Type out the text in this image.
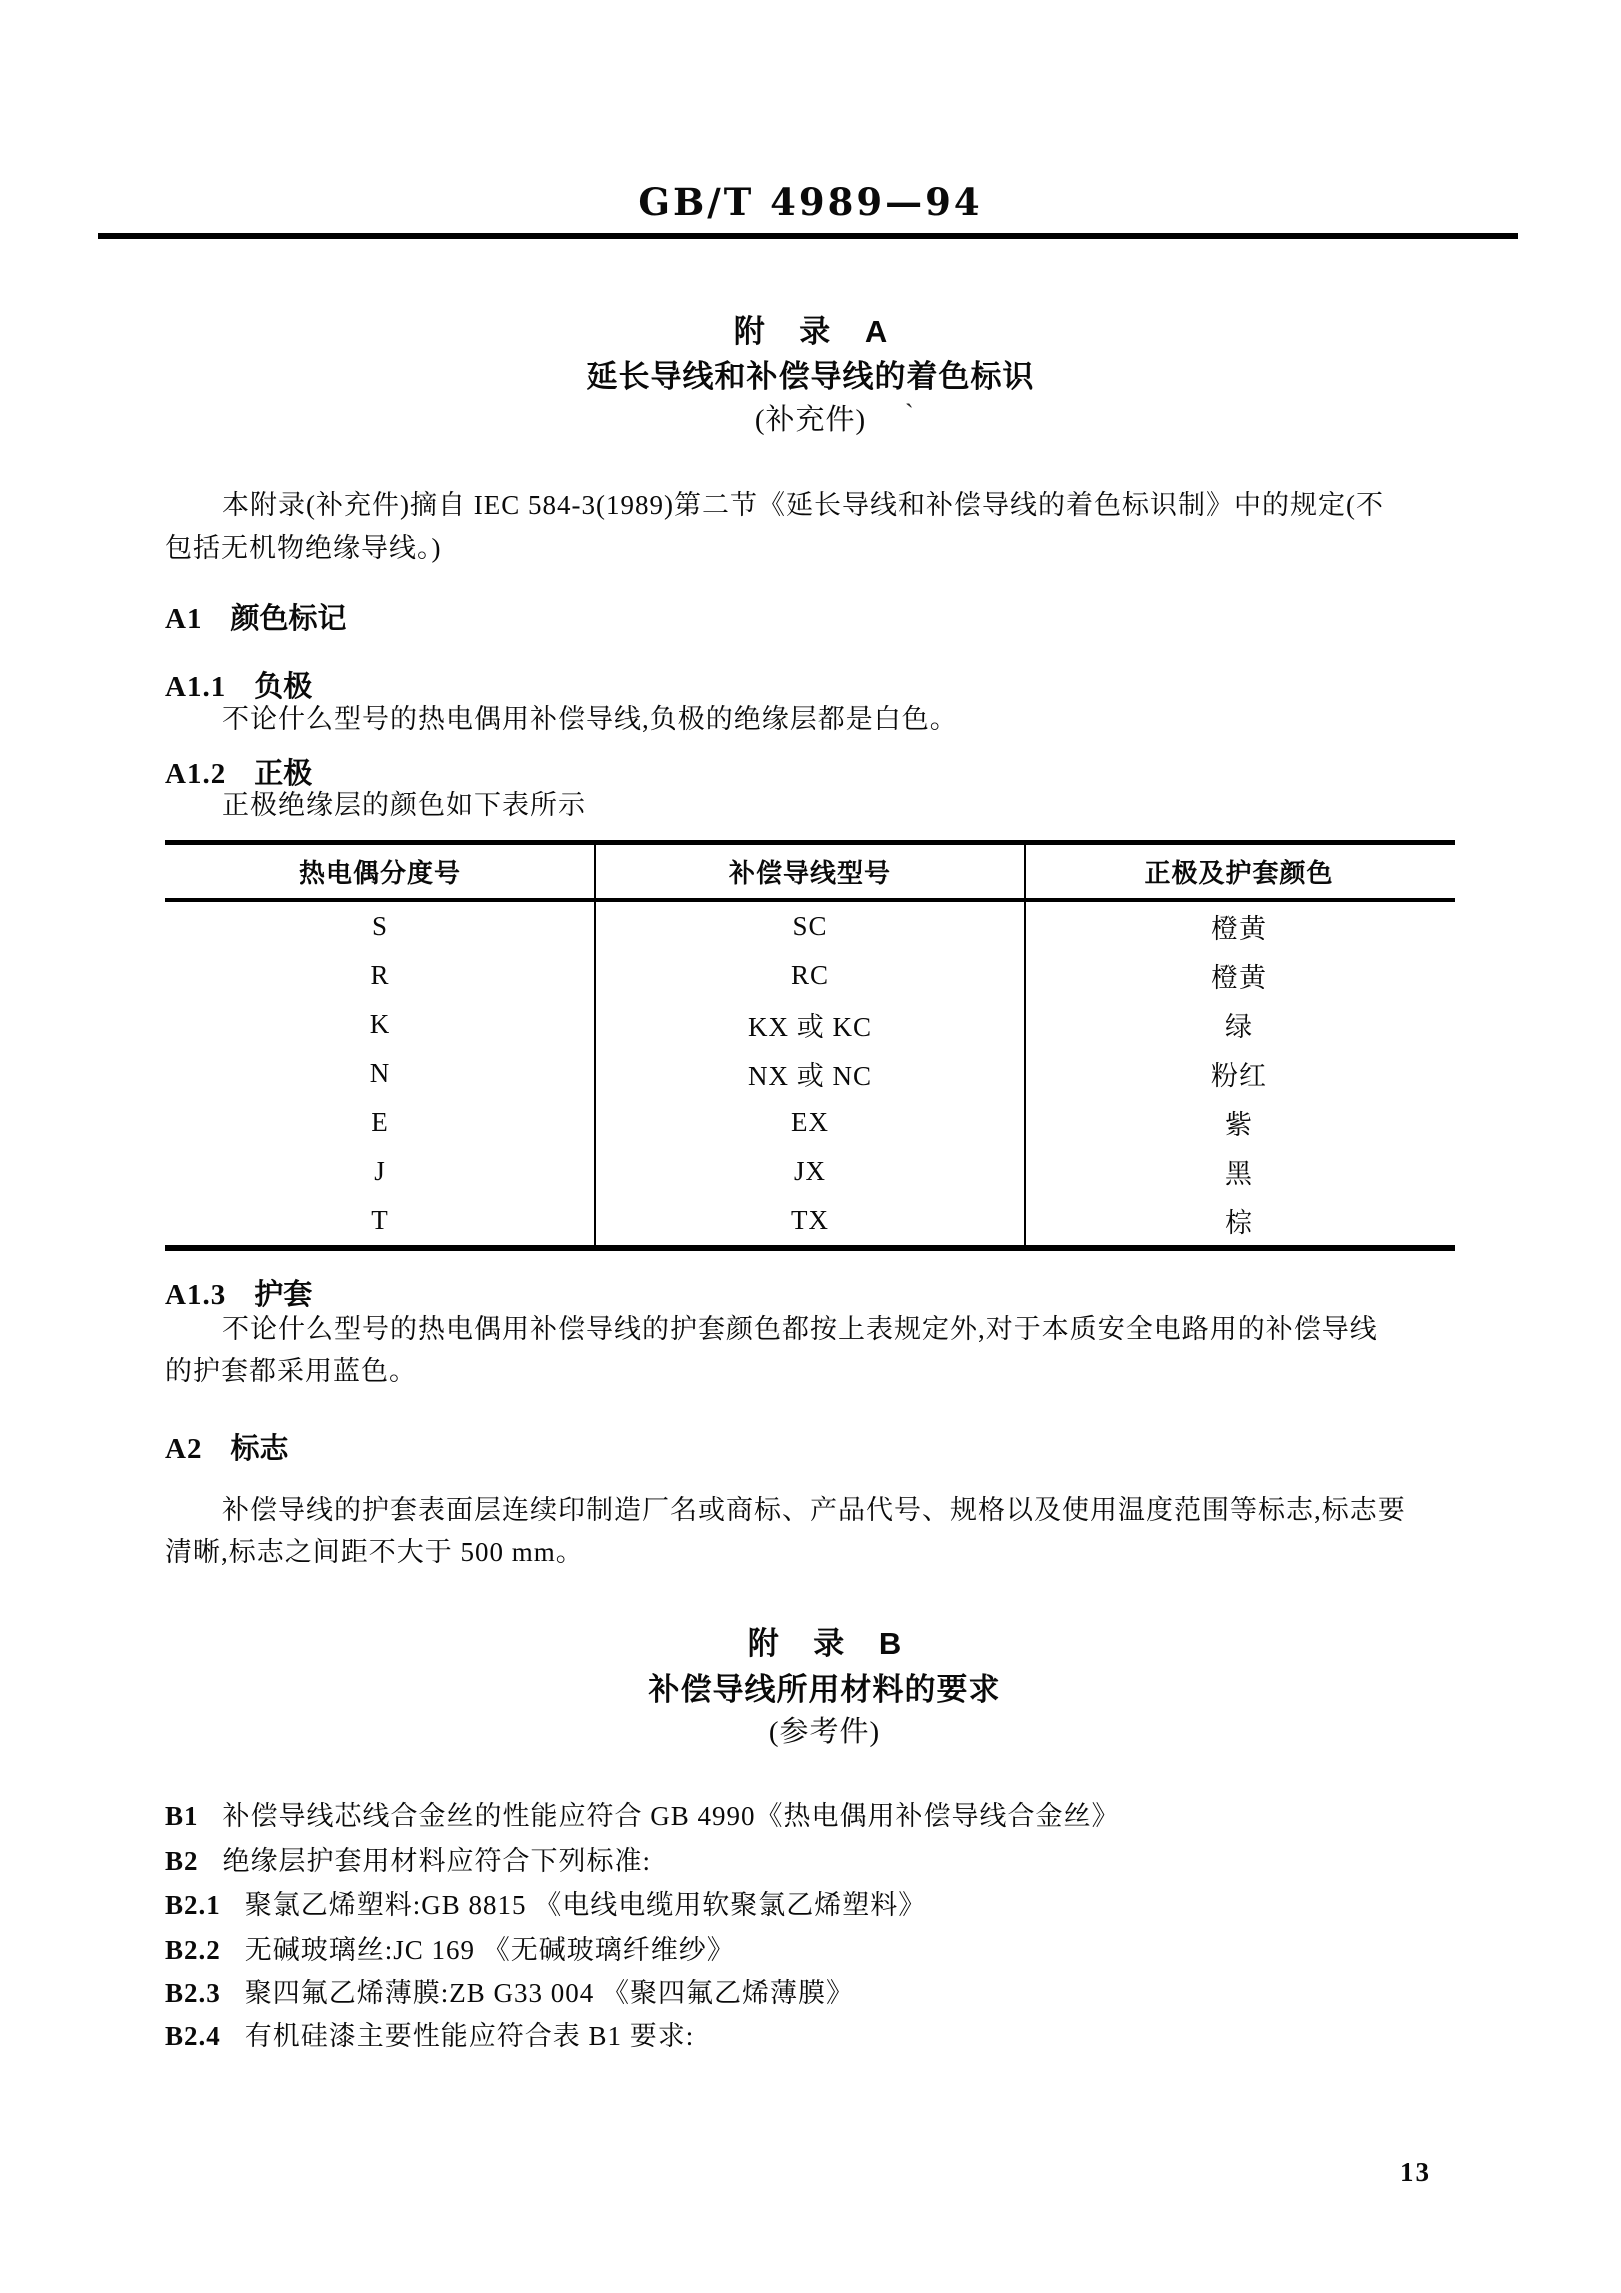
GB/T 4989—94
附 录 A
延长导线和补偿导线的着色标识
(补充件)	`
本附录(补充件)摘自 IEC 584-3(1989)第二节《延长导线和补偿导线的着色标识制》中的规定(不
包括无机物绝缘导线。)
A1 颜色标记
A1.1 负极
不论什么型号的热电偶用补偿导线,负极的绝缘层都是白色。
A1.2 正极
正极绝缘层的颜色如下表所示
热电偶分度号	补偿导线型号	正极及护套颜色
S	SC	橙黄
R	RC	橙黄
K	KX 或 KC	绿
N	NX 或 NC	粉红
E	EX	紫
J	JX	黑
T	TX	棕
A1.3 护套
不论什么型号的热电偶用补偿导线的护套颜色都按上表规定外,对于本质安全电路用的补偿导线
的护套都采用蓝色。
A2 标志
补偿导线的护套表面层连续印制造厂名或商标、产品代号、规格以及使用温度范围等标志,标志要
清晰,标志之间距不大于 500 mm。
附 录 B
补偿导线所用材料的要求
(参考件)
B1 补偿导线芯线合金丝的性能应符合 GB 4990《热电偶用补偿导线合金丝》
B2 绝缘层护套用材料应符合下列标准:
B2.1 聚氯乙烯塑料:GB 8815 《电线电缆用软聚氯乙烯塑料》
B2.2 无碱玻璃丝:JC 169 《无碱玻璃纤维纱》
B2.3 聚四氟乙烯薄膜:ZB G33 004 《聚四氟乙烯薄膜》
B2.4 有机硅漆主要性能应符合表 B1 要求:
13
